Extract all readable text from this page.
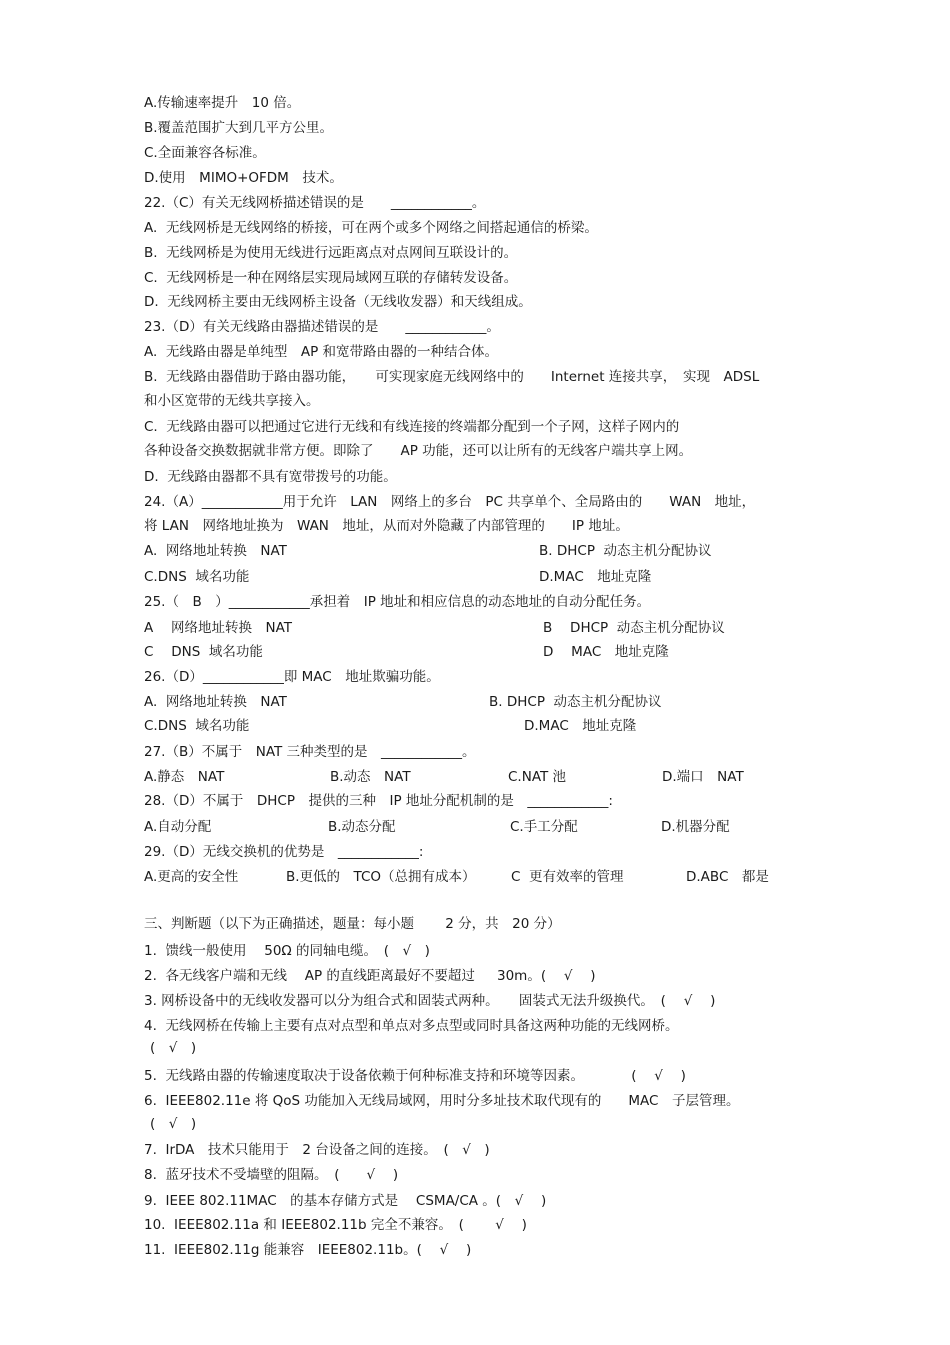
A.传输速率提升　10 倍。
B.覆盖范围扩大到几平方公里。
C.全面兼容各标准。
D.使用　MIMO+OFDM　技术。
22.（C）有关无线网桥描述错误的是　　____________。
A.  无线网桥是无线网络的桥接，可在两个或多个网络之间搭起通信的桥梁。
B.  无线网桥是为使用无线进行远距离点对点网间互联设计的。
C.  无线网桥是一种在网络层实现局域网互联的存储转发设备。
D.  无线网桥主要由无线网桥主设备（无线收发器）和天线组成。
23.（D）有关无线路由器描述错误的是　　____________。
A.  无线路由器是单纯型　AP 和宽带路由器的一种结合体。
B.  无线路由器借助于路由器功能，　　可实现家庭无线网络中的　　Internet 连接共享，　实现　ADSL
和小区宽带的无线共享接入。
C.  无线路由器可以把通过它进行无线和有线连接的终端都分配到一个子网，这样子网内的
各种设备交换数据就非常方便。即除了　　AP 功能，还可以让所有的无线客户端共享上网。
D.  无线路由器都不具有宽带拨号的功能。
24.（A）____________用于允许　LAN　网络上的多台　PC 共享单个、全局路由的　　WAN　地址，
将 LAN　网络地址换为　WAN　地址，从而对外隐藏了内部管理的　　IP 地址。
A.  网络地址转换　NAT	B. DHCP  动态主机分配协议
C.DNS  域名功能	D.MAC　地址克隆
25.（　B　）____________承担着　IP 地址和相应信息的动态地址的自动分配任务。
A　 网络地址转换　NAT	B　 DHCP  动态主机分配协议
C　 DNS  域名功能	D　 MAC　地址克隆
26.（D）____________即 MAC　地址欺骗功能。
A.  网络地址转换　NAT	B. DHCP  动态主机分配协议
C.DNS  域名功能	D.MAC　地址克隆
27.（B）不属于　NAT 三种类型的是　____________。
A.静态　NAT	B.动态　NAT	C.NAT 池	D.端口　NAT
28.（D）不属于　DHCP　提供的三种　IP 地址分配机制的是　____________:
A.自动分配	B.动态分配	C.手工分配	D.机器分配
29.（D）无线交换机的优势是　____________:
A.更高的安全性	B.更低的　TCO（总拥有成本）	C  更有效率的管理	D.ABC　都是
三、判断题（以下为正确描述，题量：每小题　　 2 分，共　20 分）
1.  馈线一般使用　 50Ω 的同轴电缆。　(　√　)
2.  各无线客户端和无线　 AP 的直线距离最好不要超过　  30m。(　 √　 )
3. 网桥设备中的无线收发器可以分为组合式和固装式两种。　　固装式无法升级换代。　(　 √　 )
4.  无线网桥在传输上主要有点对点型和单点对多点型或同时具备这两种功能的无线网桥。
(　√　)
5.  无线路由器的传输速度取决于设备依赖于何种标准支持和环境等因素。　　　　(　 √　 )
6.  IEEE802.11e 将 QoS 功能加入无线局域网，用时分多址技术取代现有的　　MAC　子层管理。
(　√　)
7.  IrDA　技术只能用于　2 台设备之间的连接。　(　√　)
8.  蓝牙技术不受墙壁的阻隔。　(　　√　 )
9.  IEEE 802.11MAC　的基本存储方式是　 CSMA/CA 。(　√　 )
10.  IEEE802.11a 和 IEEE802.11b 完全不兼容。　(　　 √　 )
11.  IEEE802.11g 能兼容　IEEE802.11b。(　 √　 )
